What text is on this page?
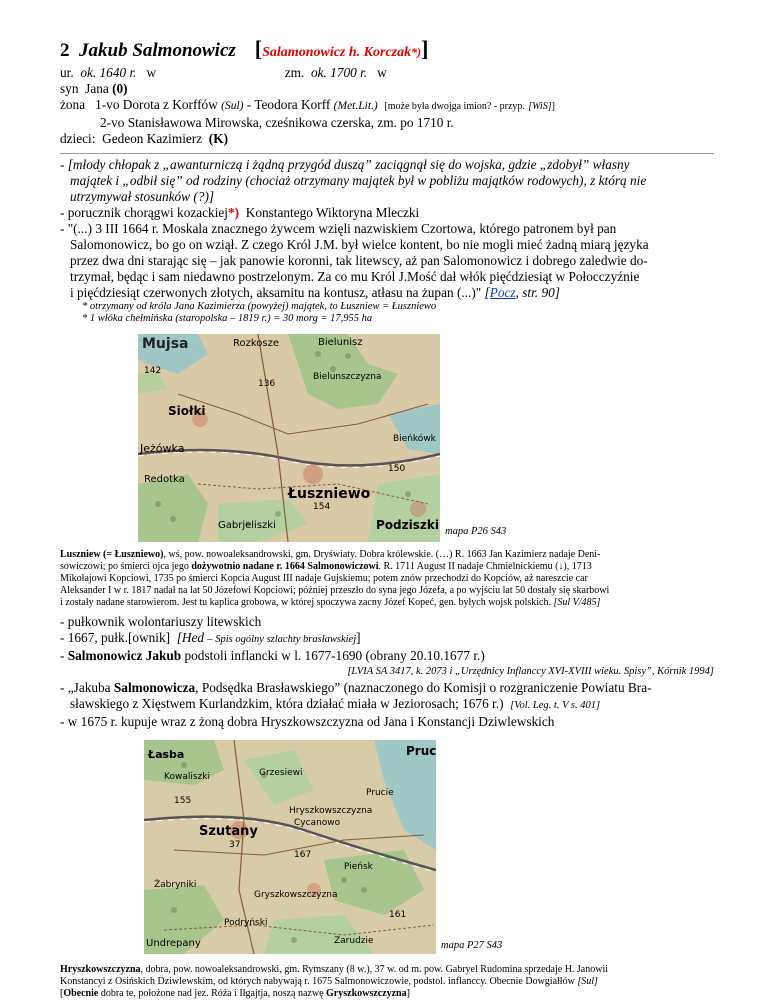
2 Jakub Salmonowicz [Salamonowicz h. Korczak*)]
ur. ok. 1640 r. w	zm. ok. 1700 r. w
syn Jana (0)
żona 1-vo Dorota z Korffów (Sul) - Teodora Korff (Met.Lit.) [może była dwojga imion? - przyp. [WiS]]
2-vo Stanisławowa Mirowska, cześnikowa czerska, zm. po 1710 r.
dzieci: Gedeon Kazimierz (K)
- [młody chłopak z „awanturniczą i żądną przygód duszą” zaciągnął się do wojska, gdzie „zdobył” własny
majątek i „odbił się” od rodziny (chociaż otrzymany majątek był w pobliżu majątków rodowych), z którą nie
utrzymywał stosunków (?)]
- porucznik chorągwi kozackiej*) Konstantego Wiktoryna Mleczki
- "(...) 3 III 1664 r. Moskala znacznego żywcem wzięli nazwiskiem Czortowa, którego patronem był pan
Salomonowicz, bo go on wziął. Z czego Król J.M. był wielce kontent, bo nie mogli mieć żadną miarą języka
przez dwa dni starając się – jak panowie koronni, tak litewscy, aż pan Salomonowicz i dobrego zaledwie do-
trzymał, będąc i sam niedawno postrzelonym. Za co mu Król J.Mość dał włók pięćdziesiąt w Połocczyźnie
i pięćdziesiąt czerwonych złotych, aksamitu na kontusz, atłasu na żupan (...)" [Pocz, str. 90]
* otrzymany od króla Jana Kazimierza (powyżej) majątek, to Łuszniew = Łuszniewo
* 1 włóka chełmińska (staropolska – 1819 r.) = 30 morg = 17,955 ha
Mujsa	Rozkosze	Bielunisz
Siołki
Jeżówka
Łuszniewo
Redotka
Gabrjeliszki	Podziszki
Bielunszczyzna
Bieńkówk
142
150
154
136
mapa P26 S43
Luszniew (= Łuszniewo), wś, pow. nowoaleksandrowski, gm. Dryświaty. Dobra królewskie. (…) R. 1663 Jan Kazimierz nadaje Deni-
sowiczowi; po śmierci ojca jego dożywotnio nadane r. 1664 Salmonowiczowi. R. 1711 August II nadaje Chmielnickiemu (↓), 1713
Mikołajowi Kopciowi, 1735 po śmierci Kopcia August III nadaje Gujskiemu; potem znów przechodzi do Kopciów, aż nareszcie car
Aleksander I w r. 1817 nadał na lat 50 Józefowi Kopciowi; później przeszło do syna jego Józefa, a po wyjściu lat 50 dostały się skarbowi
i zostały nadane starowierom. Jest tu kaplica grobowa, w której spoczywa zacny Józef Kopeć, gen. byłych wojsk polskich. [Sul V/485]
- pułkownik wolontariuszy litewskich
- 1667, pułk.[ownik] [Hed – Spis ogólny szlachty brasławskiej]
- Salmonowicz Jakub podstoli inflancki w l. 1677-1690 (obrany 20.10.1677 r.)
[LVIA SA 3417, k. 2073 i „Urzędnicy Inflanccy XVI-XVIII wieku. Spisy”, Kórnik 1994]
- „Jakuba Salmonowicza, Podsędka Brasławskiego” (naznaczonego do Komisji o rozgraniczenie Powiatu Bra-
sławskiego z Xięstwem Kurlandzkim, która działać miała w Jeziorosach; 1676 r.) [Vol. Leg. t. V s. 401]
- w 1675 r. kupuje wraz z żoną dobra Hryszkowszczyzna od Jana i Konstancji Dziwlewskich
Łasba
Kowaliszki	Grzesiewi
Pruc
Prucie
Szutany
Hryszkowszczyzna
Cycanowo
Pieńsk
Gryszkowszczyzna
Żabryniki
Podryński
Undrepany	Zarudzie
37
155
161
167
mapa P27 S43
Hryszkowszczyzna, dobra, pow. nowoaleksandrowski, gm. Rymszany (8 w.), 37 w. od m. pow. Gabryel Rudomina sprzedaje H. Janowii
Konstancyi z Osińskich Dziwlewskim, od których nabywają r. 1675 Salmonowiczowie, podstol. inflanccy. Obecnie Dowgiałłów [Sul]
[Obecnie dobra te, położone nad jez. Róża i Iłgajtja, noszą nazwę Gryszkowszczyzna]
